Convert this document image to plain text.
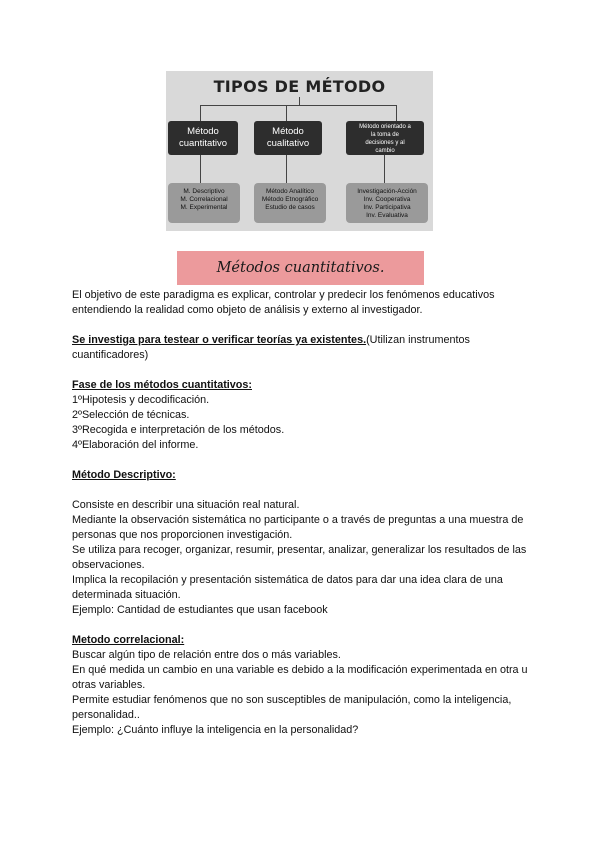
TIPOS DE MÉTODO
Método
cuantitativo
Método
cualitativo
Método orientado a
la toma de
decisiones y al
cambio
M. Descriptivo
M. Correlacional
M. Experimental
Método Analítico
Método Etnográfico
Estudio de casos
Investigación-Acción
Inv. Cooperativa
Inv. Participativa
Inv. Evaluativa
Métodos cuantitativos.

El objetivo de este paradigma es explicar, controlar y predecir los fenómenos educativos entendiendo la realidad como objeto de análisis y externo al investigador.

Se investiga para testear o verificar teorías ya existentes.(Utilizan instrumentos cuantificadores)

Fase de los métodos cuantitativos:

1ºHipotesis y decodificación.

2ºSelección de técnicas.

3ºRecogida e interpretación de los métodos.

4ºElaboración del informe.

Método Descriptivo:

Consiste en describir una situación real natural.

Mediante la observación sistemática no participante o a través de preguntas a una muestra de personas que nos proporcionen investigación.

Se utiliza para recoger, organizar, resumir, presentar, analizar, generalizar los resultados de las observaciones.

Implica la recopilación y presentación sistemática de datos para dar una idea clara de una determinada situación.

Ejemplo: Cantidad de estudiantes que usan facebook

Metodo correlacional:

Buscar algún tipo de relación entre dos o más variables.

En qué medida un cambio en una variable es debido a la modificación experimentada en otra u otras variables.

Permite estudiar fenómenos que no son susceptibles de manipulación, como la inteligencia, personalidad..

Ejemplo: ¿Cuánto influye la inteligencia en la personalidad?
